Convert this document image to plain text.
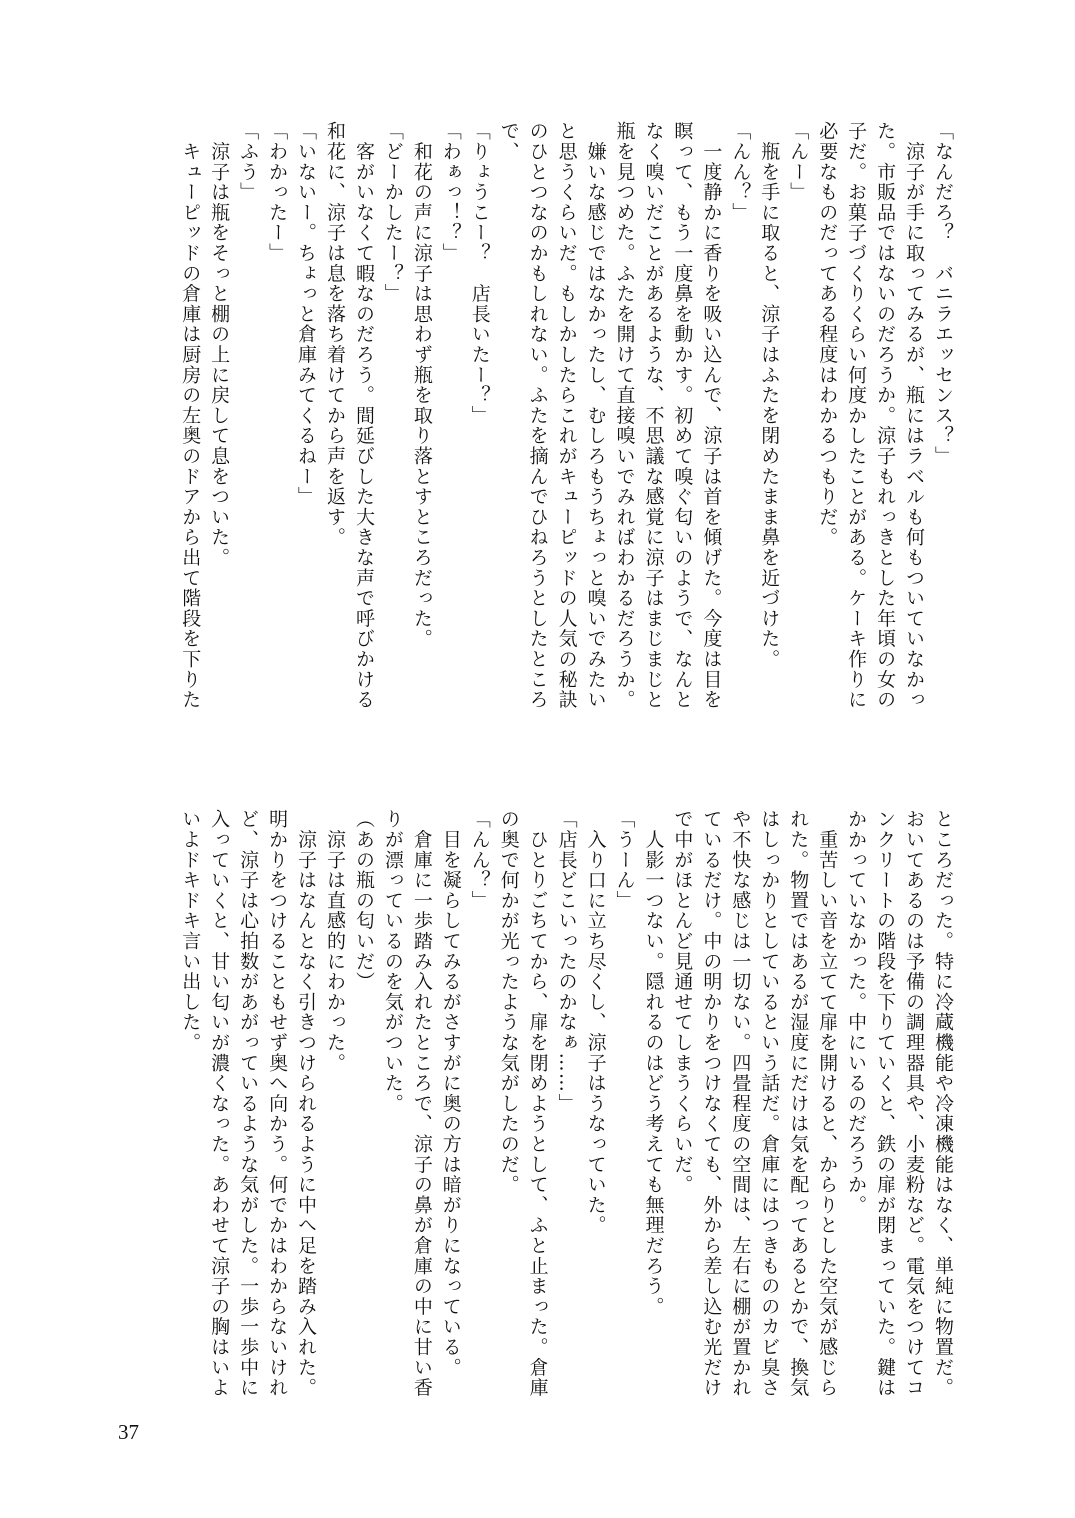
「なんだろ？　バニラエッセンス？」
　涼子が手に取ってみるが、瓶にはラベルも何もついていなかっ
た。市販品ではないのだろうか。涼子もれっきとした年頃の女の
子だ。お菓子づくりくらい何度かしたことがある。ケーキ作りに
必要なものだってある程度はわかるつもりだ。
「んー」
　瓶を手に取ると、涼子はふたを閉めたまま鼻を近づけた。
「んん？」
　一度静かに香りを吸い込んで、涼子は首を傾げた。今度は目を
瞑って、もう一度鼻を動かす。初めて嗅ぐ匂いのようで、なんと
なく嗅いだことがあるような、不思議な感覚に涼子はまじまじと
瓶を見つめた。ふたを開けて直接嗅いでみればわかるだろうか。
　嫌いな感じではなかったし、むしろもうちょっと嗅いでみたい
と思うくらいだ。もしかしたらこれがキューピッドの人気の秘訣
のひとつなのかもしれない。ふたを摘んでひねろうとしたところ
で、
「りょうこー？　店長いたー？」
「わぁっ！？」
　和花の声に涼子は思わず瓶を取り落とすところだった。
「どーかしたー？」
　客がいなくて暇なのだろう。間延びした大きな声で呼びかける
和花に、涼子は息を落ち着けてから声を返す。
「いないー。ちょっと倉庫みてくるねー」
「わかったー」
「ふう」
　涼子は瓶をそっと棚の上に戻して息をついた。
　キューピッドの倉庫は厨房の左奥のドアから出て階段を下りた
ところだった。特に冷蔵機能や冷凍機能はなく、単純に物置だ。
おいてあるのは予備の調理器具や、小麦粉など。電気をつけてコ
ンクリートの階段を下りていくと、鉄の扉が閉まっていた。鍵は
かかっていなかった。中にいるのだろうか。
　重苦しい音を立てて扉を開けると、からりとした空気が感じら
れた。物置ではあるが湿度にだけは気を配ってあるとかで、換気
はしっかりとしているという話だ。倉庫にはつきもののカビ臭さ
や不快な感じは一切ない。四畳程度の空間は、左右に棚が置かれ
ているだけ。中の明かりをつけなくても、外から差し込む光だけ
で中がほとんど見通せてしまうくらいだ。
　人影一つない。隠れるのはどう考えても無理だろう。
「うーん」
　入り口に立ち尽くし、涼子はうなっていた。
「店長どこいったのかなぁ……」
　ひとりごちてから、扉を閉めようとして、ふと止まった。倉庫
の奥で何かが光ったような気がしたのだ。
「んん？」
　目を凝らしてみるがさすがに奥の方は暗がりになっている。
　倉庫に一歩踏み入れたところで、涼子の鼻が倉庫の中に甘い香
りが漂っているのを気がついた。
（あの瓶の匂いだ）
　涼子は直感的にわかった。
　涼子はなんとなく引きつけられるように中へ足を踏み入れた。
明かりをつけることもせず奥へ向かう。何でかはわからないけれ
ど、涼子は心拍数があがっているような気がした。一歩一歩中に
入っていくと、甘い匂いが濃くなった。あわせて涼子の胸はいよ
いよドキドキ言い出した。
37
